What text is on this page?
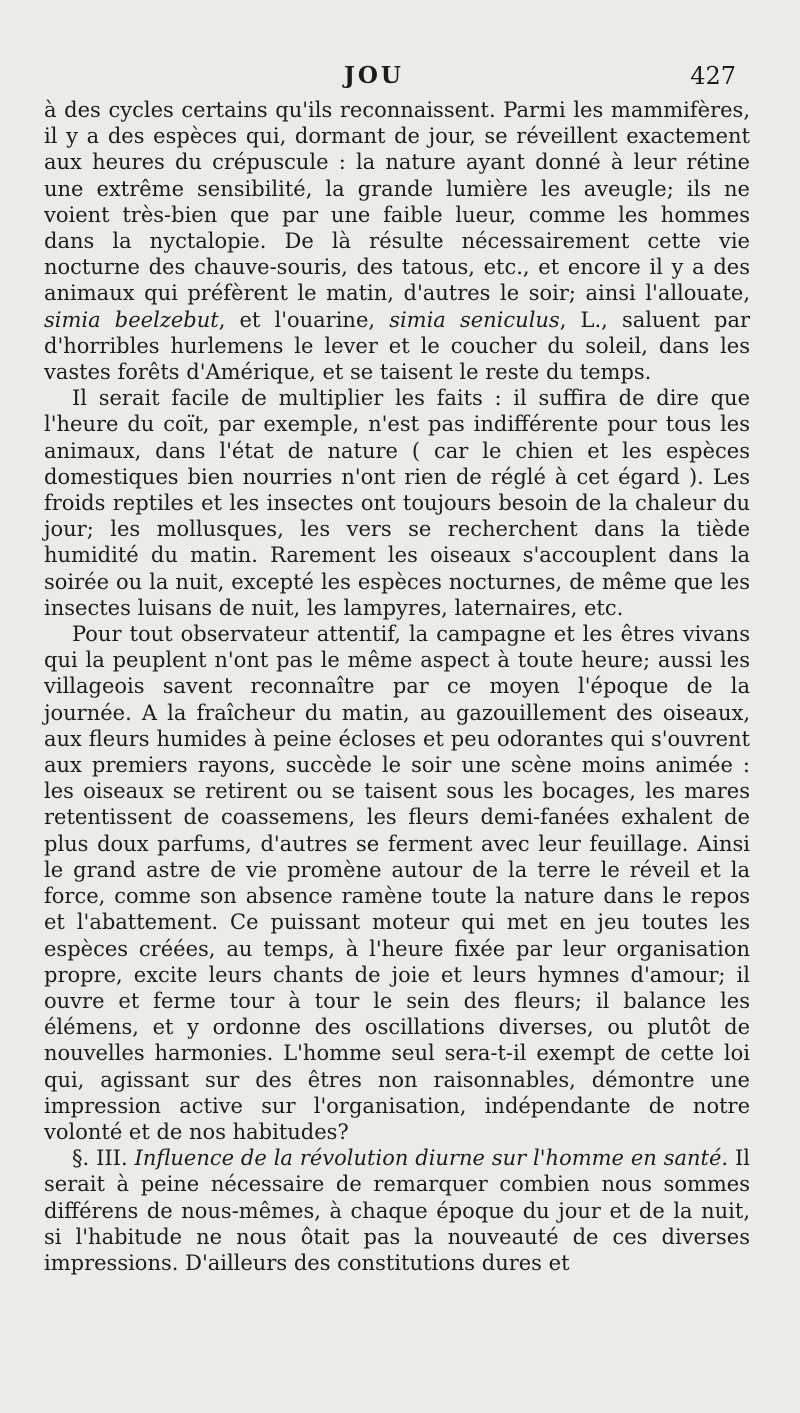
JOU	427

à des cycles certains qu'ils reconnaissent. Parmi les mammifères, il y a des espèces qui, dormant de jour, se réveillent exactement aux heures du crépuscule : la nature ayant donné à leur rétine une extrême sensibilité, la grande lumière les aveugle; ils ne voient très-bien que par une faible lueur, comme les hommes dans la nyctalopie. De là résulte nécessairement cette vie nocturne des chauve-souris, des tatous, etc., et encore il y a des animaux qui préfèrent le matin, d'autres le soir; ainsi l'allouate, simia beelzebut, et l'ouarine, simia seniculus, L., saluent par d'horribles hurlemens le lever et le coucher du soleil, dans les vastes forêts d'Amérique, et se taisent le reste du temps.

Il serait facile de multiplier les faits : il suffira de dire que l'heure du coït, par exemple, n'est pas indifférente pour tous les animaux, dans l'état de nature ( car le chien et les espèces domestiques bien nourries n'ont rien de réglé à cet égard ). Les froids reptiles et les insectes ont toujours besoin de la chaleur du jour; les mollusques, les vers se recherchent dans la tiède humidité du matin. Rarement les oiseaux s'accouplent dans la soirée ou la nuit, excepté les espèces nocturnes, de même que les insectes luisans de nuit, les lampyres, laternaires, etc.

Pour tout observateur attentif, la campagne et les êtres vivans qui la peuplent n'ont pas le même aspect à toute heure; aussi les villageois savent reconnaître par ce moyen l'époque de la journée. A la fraîcheur du matin, au gazouillement des oiseaux, aux fleurs humides à peine écloses et peu odorantes qui s'ouvrent aux premiers rayons, succède le soir une scène moins animée : les oiseaux se retirent ou se taisent sous les bocages, les mares retentissent de coassemens, les fleurs demi-fanées exhalent de plus doux parfums, d'autres se ferment avec leur feuillage. Ainsi le grand astre de vie promène autour de la terre le réveil et la force, comme son absence ramène toute la nature dans le repos et l'abattement. Ce puissant moteur qui met en jeu toutes les espèces créées, au temps, à l'heure fixée par leur organisation propre, excite leurs chants de joie et leurs hymnes d'amour; il ouvre et ferme tour à tour le sein des fleurs; il balance les élémens, et y ordonne des oscillations diverses, ou plutôt de nouvelles harmonies. L'homme seul sera-t-il exempt de cette loi qui, agissant sur des êtres non raisonnables, démontre une impression active sur l'organisation, indépendante de notre volonté et de nos habitudes?

§. III. Influence de la révolution diurne sur l'homme en santé. Il serait à peine nécessaire de remarquer combien nous sommes différens de nous-mêmes, à chaque époque du jour et de la nuit, si l'habitude ne nous ôtait pas la nouveauté de ces diverses impressions. D'ailleurs des constitutions dures et
